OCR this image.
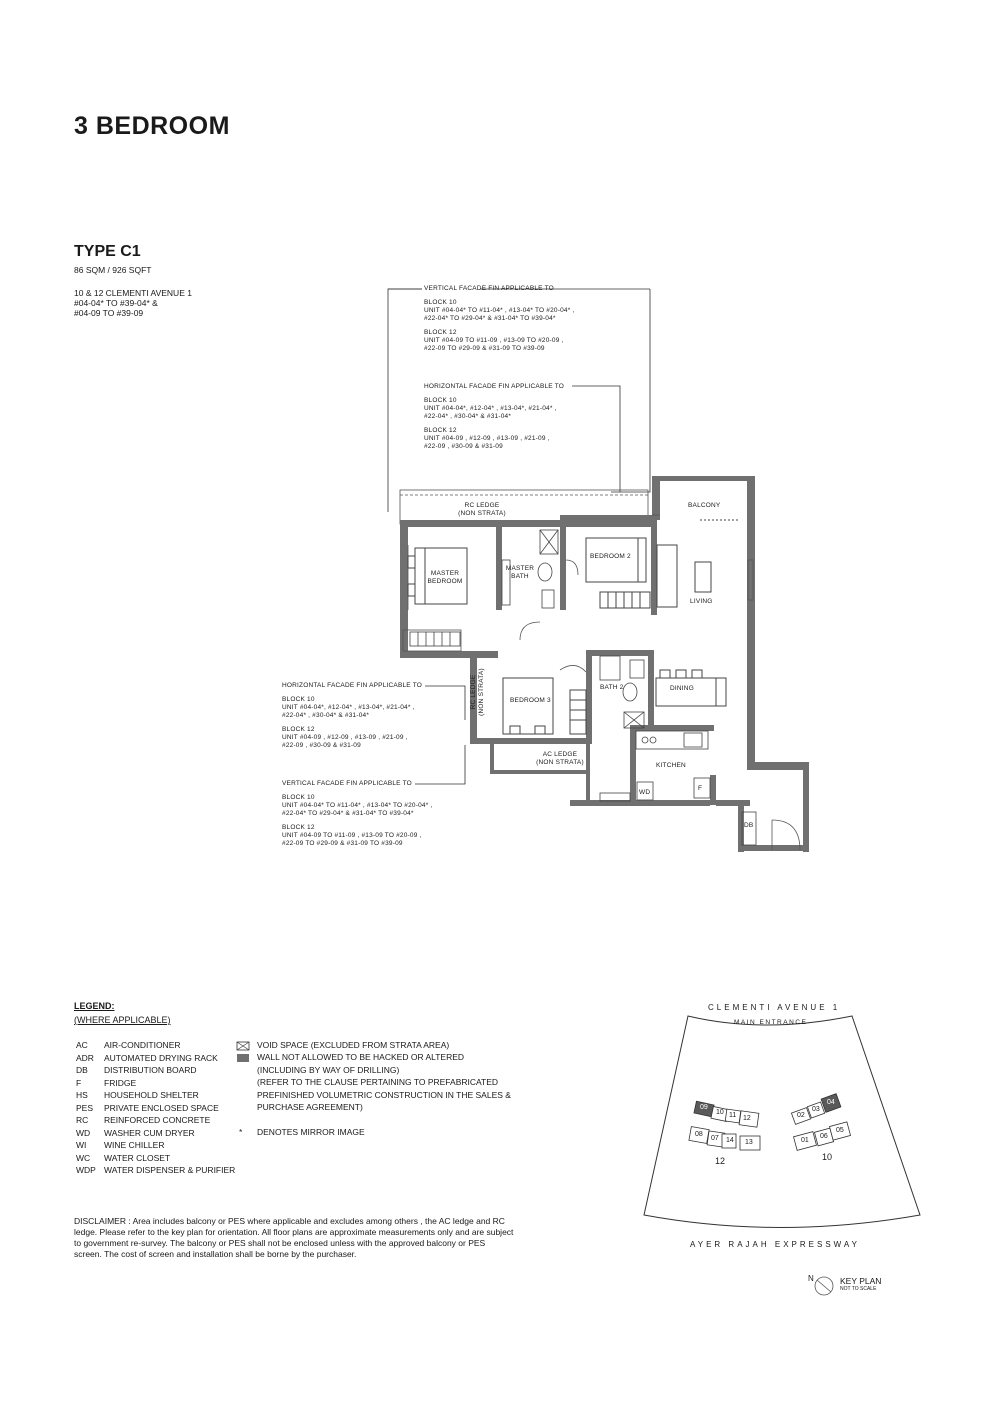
3 BEDROOM
TYPE C1
86 SQM / 926 SQFT
10 & 12 CLEMENTI AVENUE 1
#04-04* TO #39-04* &
#04-09 TO #39-09
VERTICAL FACADE FIN APPLICABLE TO
BLOCK 10
UNIT #04-04* TO #11-04* , #13-04* TO #20-04* ,
#22-04* TO #29-04* & #31-04* TO #39-04*
BLOCK 12
UNIT #04-09 TO #11-09 , #13-09 TO #20-09 ,
#22-09 TO #29-09 & #31-09 TO #39-09
HORIZONTAL FACADE FIN APPLICABLE TO
BLOCK 10
UNIT #04-04*, #12-04* , #13-04*, #21-04* ,
#22-04* , #30-04* & #31-04*
BLOCK 12
UNIT #04-09 , #12-09 , #13-09 , #21-09 ,
#22-09 , #30-09 & #31-09
HORIZONTAL FACADE FIN APPLICABLE TO
BLOCK 10
UNIT #04-04*, #12-04* , #13-04*, #21-04* ,
#22-04* , #30-04* & #31-04*
BLOCK 12
UNIT #04-09 , #12-09 , #13-09 , #21-09 ,
#22-09 , #30-09 & #31-09
VERTICAL FACADE FIN APPLICABLE TO
BLOCK 10
UNIT #04-04* TO #11-04* , #13-04* TO #20-04* ,
#22-04* TO #29-04* & #31-04* TO #39-04*
BLOCK 12
UNIT #04-09 TO #11-09 , #13-09 TO #20-09 ,
#22-09 TO #29-09 & #31-09 TO #39-09
RC LEDGE
(NON STRATA)
BALCONY
MASTER
BEDROOM
MASTER
BATH
BEDROOM 2
LIVING
DINING
BATH 2
BEDROOM 3
RC LEDGE (NON STRATA)
AC LEDGE
(NON STRATA)	KITCHEN
WD
F
DB
LEGEND:
(WHERE APPLICABLE)
AC AIR-CONDITIONER
ADR AUTOMATED DRYING RACK
DB DISTRIBUTION BOARD
F	FRIDGE
HS HOUSEHOLD SHELTER
PES PRIVATE ENCLOSED SPACE
RC REINFORCED CONCRETE
WD WASHER CUM DRYER
WI WINE CHILLER
WC WATER CLOSET
WDP WATER DISPENSER & PURIFIER
VOID SPACE (EXCLUDED FROM STRATA AREA)
WALL NOT ALLOWED TO BE HACKED OR ALTERED
(INCLUDING BY WAY OF DRILLING)
(REFER TO THE CLAUSE PERTAINING TO PREFABRICATED
PREFINISHED VOLUMETRIC CONSTRUCTION IN THE SALES &
PURCHASE AGREEMENT)
* DENOTES MIRROR IMAGE
DISCLAIMER : Area includes balcony or PES where applicable and excludes among others , the AC ledge and RC ledge. Please refer to the key plan for orientation. All floor plans are approximate measurements only and are subject to government re-survey. The balcony or PES shall not be enclosed unless with the approved balcony or PES screen. The cost of screen and installation shall be borne by the purchaser.
CLEMENTI AVENUE 1
MAIN ENTRANCE
AYER RAJAH EXPRESSWAY
09
10 11 12
08
07 14 13
12
02
03
04
01
06
05
10
N	KEY PLAN
NOT TO SCALE
